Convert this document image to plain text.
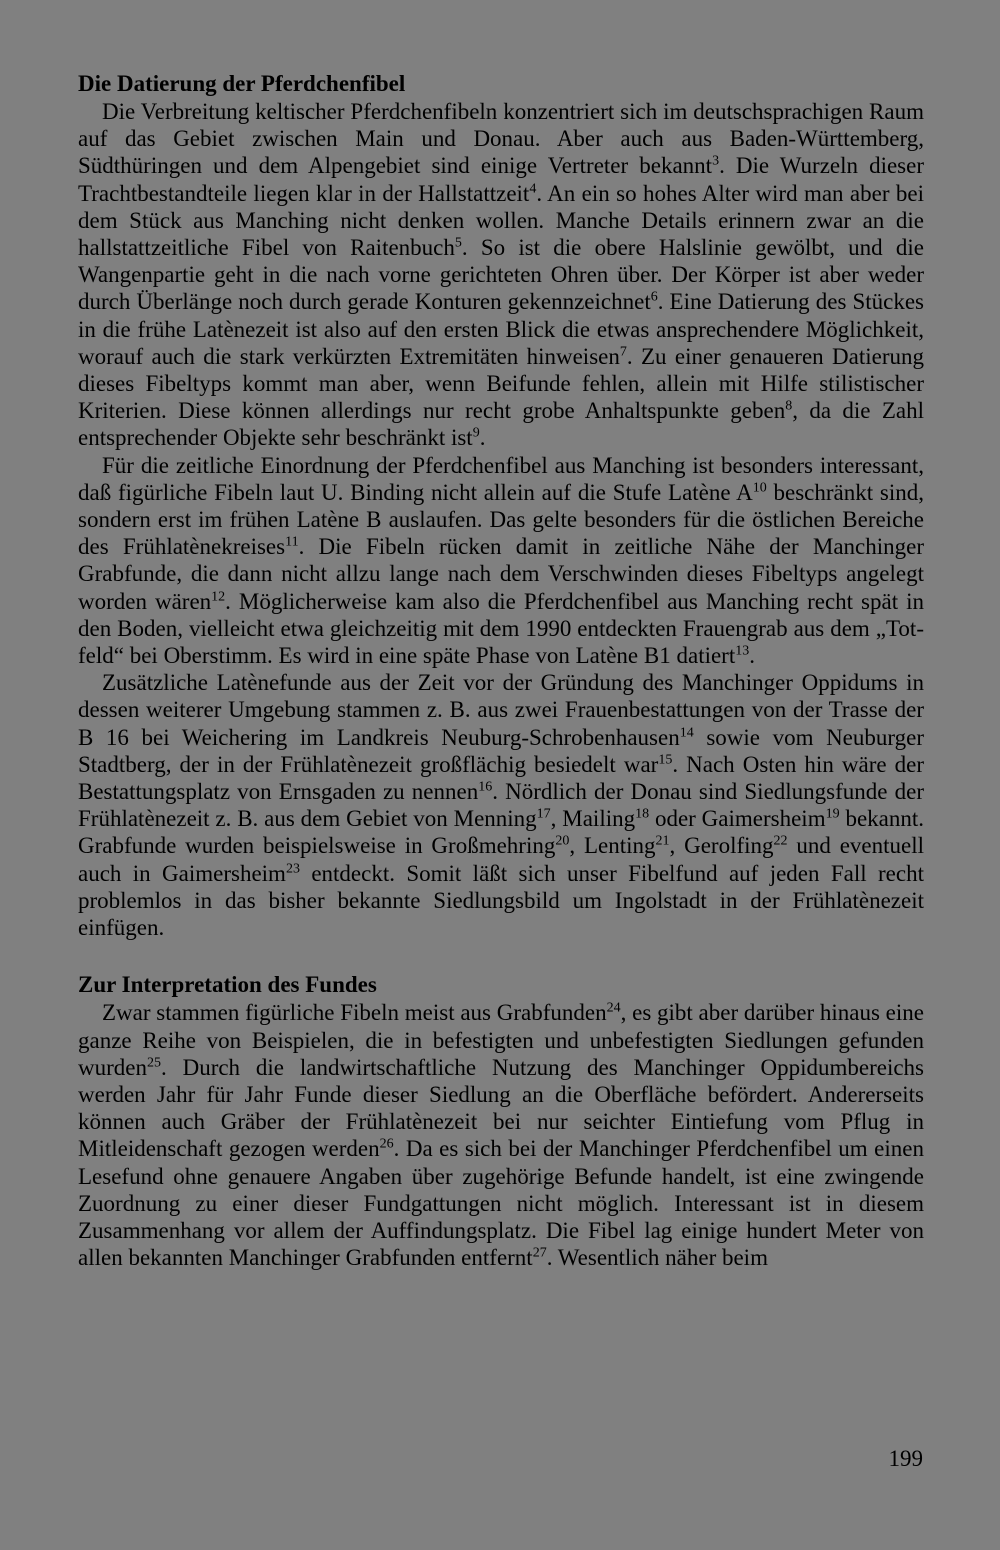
Die Datierung der Pferdchenfibel

Die Verbreitung keltischer Pferdchenfibeln konzentriert sich im deutschsprachigen Raum auf das Gebiet zwischen Main und Donau. Aber auch aus Baden-Württemberg, Südthüringen und dem Alpengebiet sind einige Vertreter bekannt$^3$. Die Wurzeln dieser Trachtbestandteile liegen klar in der Hallstattzeit$^4$. An ein so hohes Alter wird man aber bei dem Stück aus Manching nicht denken wollen. Manche Details erinnern zwar an die hallstattzeitliche Fibel von Raitenbuch$^5$. So ist die obere Halslinie gewölbt, und die Wangenpartie geht in die nach vorne gerichteten Ohren über. Der Körper ist aber weder durch Überlänge noch durch gerade Konturen gekennzeichnet$^6$. Eine Datierung des Stückes in die frühe Latènezeit ist also auf den ersten Blick die etwas ansprechendere Möglichkeit, worauf auch die stark verkürzten Extremitäten hinweisen$^7$. Zu einer genaueren Datierung dieses Fibeltyps kommt man aber, wenn Beifunde fehlen, allein mit Hilfe stilistischer Kriterien. Diese können allerdings nur recht grobe Anhaltspunkte geben$^8$, da die Zahl entsprechender Objekte sehr beschränkt ist$^9$.

Für die zeitliche Einordnung der Pferdchenfibel aus Manching ist besonders interessant, daß figürliche Fibeln laut U. Binding nicht allein auf die Stufe Latène $A^{10}$ beschränkt sind, sondern erst im frühen Latène B auslaufen. Das gelte besonders für die östlichen Bereiche des Frühlatènekreises$^{11}$. Die Fibeln rücken damit in zeitliche Nähe der Manchinger Grabfunde, die dann nicht allzu lange nach dem Verschwinden dieses Fibeltyps angelegt worden wären$^{12}$. Möglicherweise kam also die Pferdchenfibel aus Manching recht spät in den Boden, vielleicht etwa gleichzeitig mit dem 1990 entdeckten Frauengrab aus dem „Totfeld“ bei Oberstimm. Es wird in eine späte Phase von Latène B1 datiert$^{13}$.

Zusätzliche Latènefunde aus der Zeit vor der Gründung des Manchinger Oppidums in dessen weiterer Umgebung stammen z. B. aus zwei Frauenbestattungen von der Trasse der B 16 bei Weichering im Landkreis Neuburg-Schrobenhausen$^{14}$ sowie vom Neuburger Stadtberg, der in der Frühlatènezeit großflächig besiedelt war$^{15}$. Nach Osten hin wäre der Bestattungsplatz von Ernsgaden zu nennen$^{16}$. Nördlich der Donau sind Siedlungsfunde der Frühlatènezeit z. B. aus dem Gebiet von Menning$^{17}$, Mailing$^{18}$ oder Gaimersheim$^{19}$ bekannt. Grabfunde wurden beispielsweise in Großmehring$^{20}$, Lenting$^{21}$, Gerolfing$^{22}$ und eventuell auch in Gaimersheim$^{23}$ entdeckt. Somit läßt sich unser Fibelfund auf jeden Fall recht problemlos in das bisher bekannte Siedlungsbild um Ingolstadt in der Frühlatènezeit einfügen.

Zur Interpretation des Fundes

Zwar stammen figürliche Fibeln meist aus Grabfunden$^{24}$, es gibt aber darüber hinaus eine ganze Reihe von Beispielen, die in befestigten und unbefestigten Siedlungen gefunden wurden$^{25}$. Durch die landwirtschaftliche Nutzung des Manchinger Oppidumbereichs werden Jahr für Jahr Funde dieser Siedlung an die Oberfläche befördert. Andererseits können auch Gräber der Frühlatènezeit bei nur seichter Eintiefung vom Pflug in Mitleidenschaft gezogen werden$^{26}$. Da es sich bei der Manchinger Pferdchenfibel um einen Lesefund ohne genauere Angaben über zugehörige Befunde handelt, ist eine zwingende Zuordnung zu einer dieser Fundgattungen nicht möglich. Interessant ist in diesem Zusammenhang vor allem der Auffindungsplatz. Die Fibel lag einige hundert Meter von allen bekannten Manchinger Grabfunden entfernt$^{27}$. Wesentlich näher beim

199
